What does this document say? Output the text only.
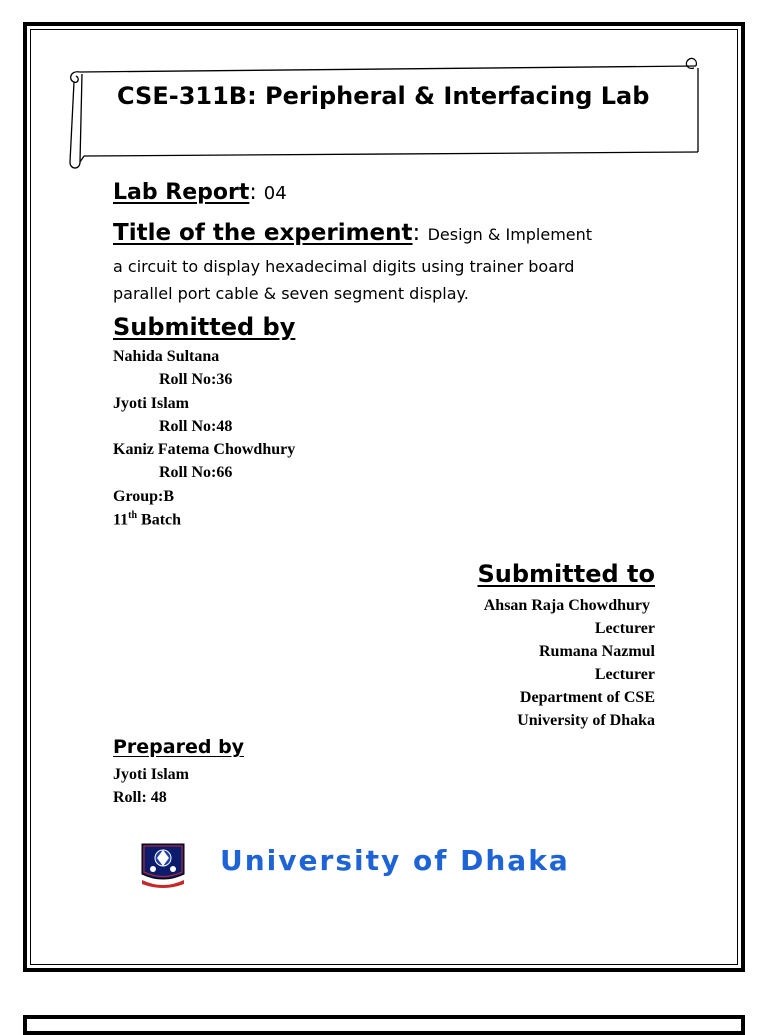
CSE-311B: Peripheral & Interfacing Lab
Lab Report: 04
Title of the experiment: Design & Implement
a circuit to display hexadecimal digits using trainer board
parallel port cable & seven segment display.
Submitted by
Nahida Sultana
Roll No:36
Jyoti Islam
Roll No:48
Kaniz Fatema Chowdhury
Roll No:66
Group:B
11th Batch
Submitted to
Ahsan Raja Chowdhury
Lecturer
Rumana Nazmul
Lecturer
Department of CSE
University of Dhaka
Prepared by
Jyoti Islam
Roll: 48
University of Dhaka
